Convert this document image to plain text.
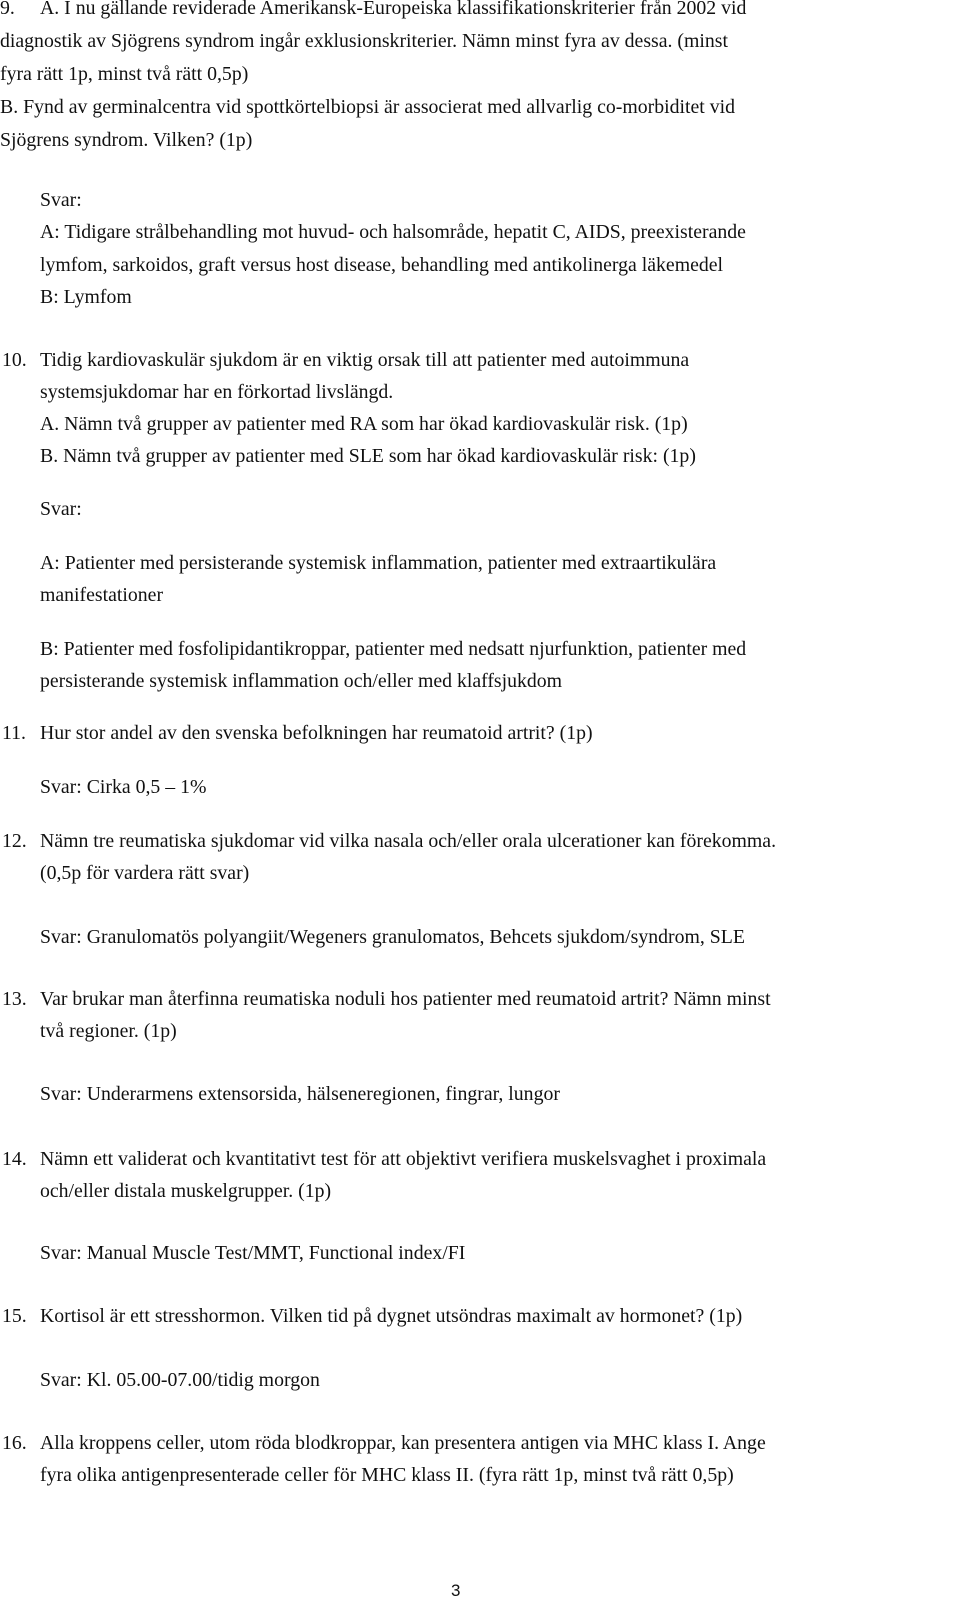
9. A. I nu gällande reviderade Amerikansk-Europeiska klassifikationskriterier från 2002 vid
diagnostik av Sjögrens syndrom ingår exklusionskriterier. Nämn minst fyra av dessa. (minst
fyra rätt 1p, minst två rätt 0,5p)
B. Fynd av germinalcentra vid spottkörtelbiopsi är associerat med allvarlig co-morbiditet vid
Sjögrens syndrom. Vilken? (1p)
Svar:
A: Tidigare strålbehandling mot huvud- och halsområde, hepatit C, AIDS, preexisterande
lymfom, sarkoidos, graft versus host disease, behandling med antikolinerga läkemedel
B: Lymfom
10. Tidig kardiovaskulär sjukdom är en viktig orsak till att patienter med autoimmuna
systemsjukdomar har en förkortad livslängd.
A. Nämn två grupper av patienter med RA som har ökad kardiovaskulär risk. (1p)
B. Nämn två grupper av patienter med SLE som har ökad kardiovaskulär risk: (1p)
Svar:
A: Patienter med persisterande systemisk inflammation, patienter med extraartikulära
manifestationer
B: Patienter med fosfolipidantikroppar, patienter med nedsatt njurfunktion, patienter med
persisterande systemisk inflammation och/eller med klaffsjukdom
11. Hur stor andel av den svenska befolkningen har reumatoid artrit? (1p)
Svar: Cirka 0,5 – 1%
12. Nämn tre reumatiska sjukdomar vid vilka nasala och/eller orala ulcerationer kan förekomma.
(0,5p för vardera rätt svar)
Svar: Granulomatös polyangiit/Wegeners granulomatos, Behcets sjukdom/syndrom, SLE
13. Var brukar man återfinna reumatiska noduli hos patienter med reumatoid artrit? Nämn minst
två regioner. (1p)
Svar: Underarmens extensorsida, hälseneregionen, fingrar, lungor
14. Nämn ett validerat och kvantitativt test för att objektivt verifiera muskelsvaghet i proximala
och/eller distala muskelgrupper. (1p)
Svar: Manual Muscle Test/MMT, Functional index/FI
15. Kortisol är ett stresshormon. Vilken tid på dygnet utsöndras maximalt av hormonet? (1p)
Svar: Kl. 05.00-07.00/tidig morgon
16. Alla kroppens celler, utom röda blodkroppar, kan presentera antigen via MHC klass I. Ange
fyra olika antigenpresenterade celler för MHC klass II. (fyra rätt 1p, minst två rätt 0,5p)
3
